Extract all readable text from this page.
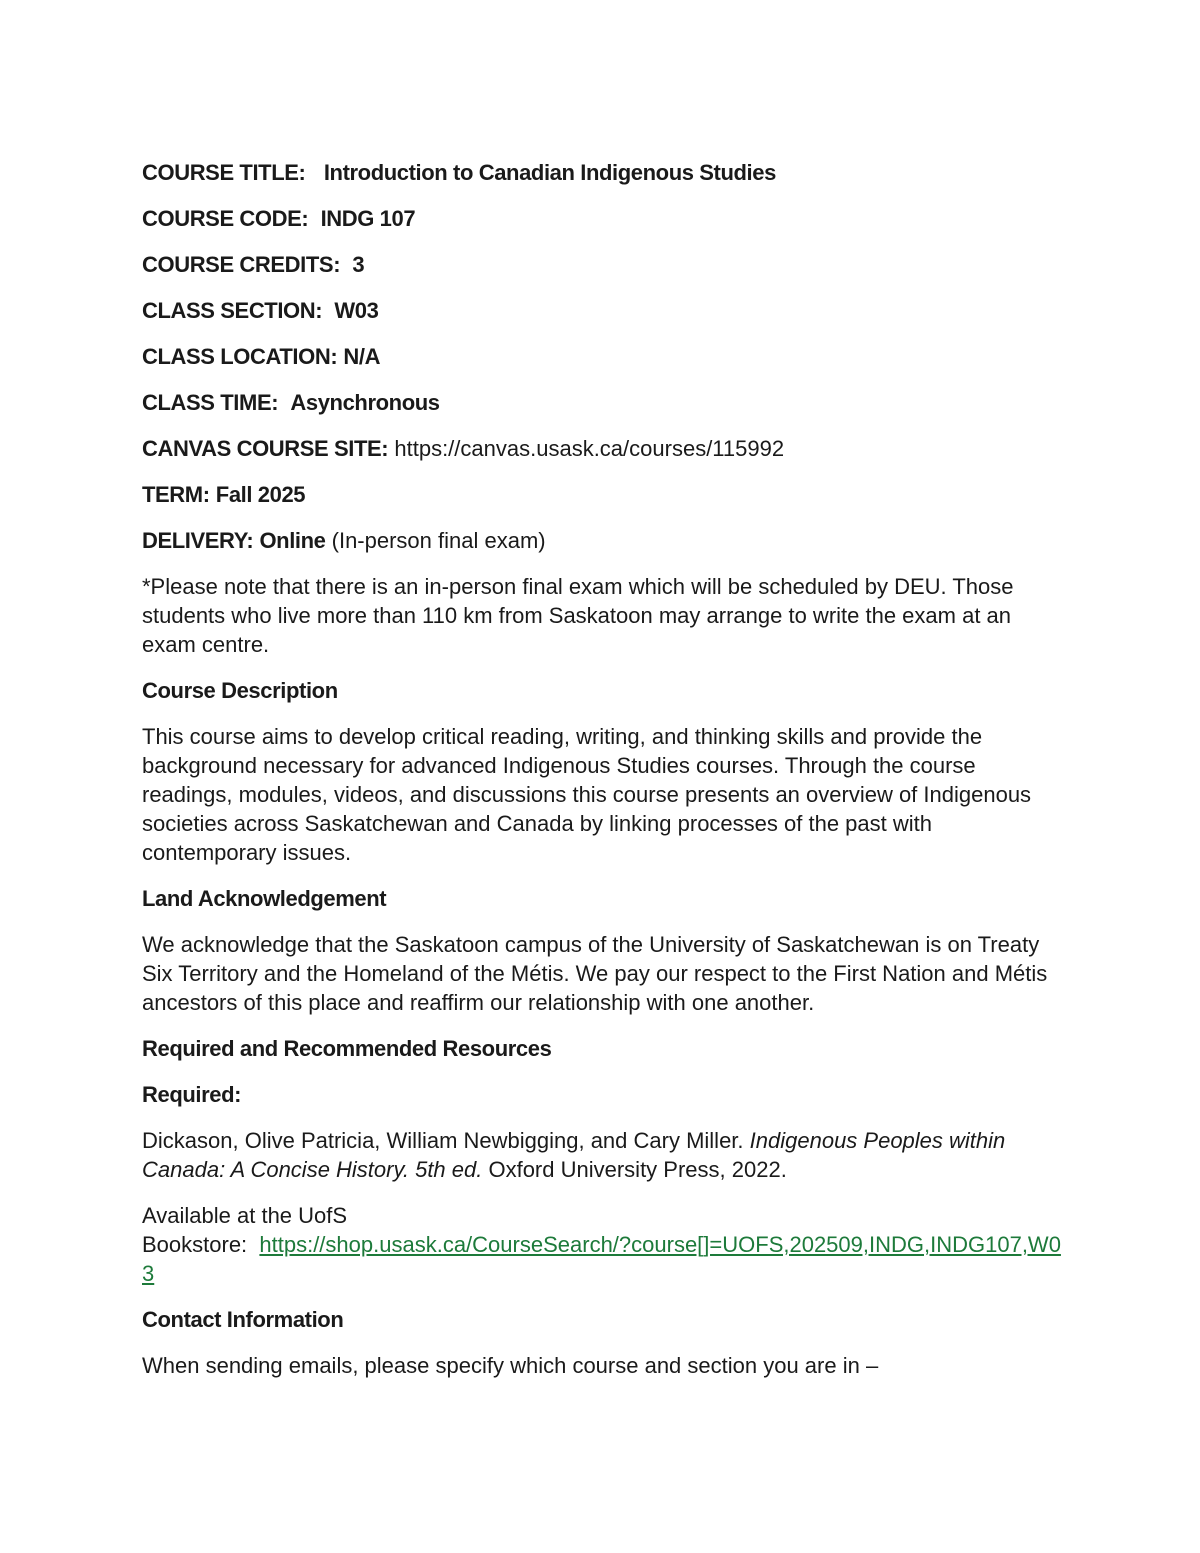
COURSE TITLE: Introduction to Canadian Indigenous Studies
COURSE CODE: INDG 107
COURSE CREDITS: 3
CLASS SECTION: W03
CLASS LOCATION: N/A
CLASS TIME: Asynchronous
CANVAS COURSE SITE: https://canvas.usask.ca/courses/115992
TERM: Fall 2025
DELIVERY: Online (In-person final exam)
*Please note that there is an in-person final exam which will be scheduled by DEU. Those students who live more than 110 km from Saskatoon may arrange to write the exam at an exam centre.
Course Description
This course aims to develop critical reading, writing, and thinking skills and provide the background necessary for advanced Indigenous Studies courses. Through the course readings, modules, videos, and discussions this course presents an overview of Indigenous societies across Saskatchewan and Canada by linking processes of the past with contemporary issues.
Land Acknowledgement
We acknowledge that the Saskatoon campus of the University of Saskatchewan is on Treaty Six Territory and the Homeland of the Métis. We pay our respect to the First Nation and Métis ancestors of this place and reaffirm our relationship with one another.
Required and Recommended Resources
Required:
Dickason, Olive Patricia, William Newbigging, and Cary Miller. Indigenous Peoples within Canada: A Concise History. 5th ed. Oxford University Press, 2022.
Available at the UofS
Bookstore:  https://shop.usask.ca/CourseSearch/?course[]=UOFS,202509,INDG,INDG107,W03
Contact Information
When sending emails, please specify which course and section you are in –
